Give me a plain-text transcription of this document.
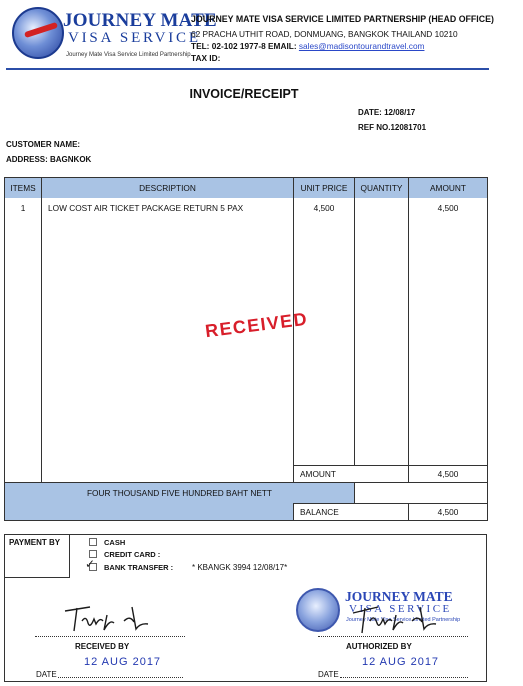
JOURNEY MATE
VISA SERVICE
Journey Mate Visa Service Limited Partnership
JOURNEY MATE VISA SERVICE LIMITED PARTNERSHIP (HEAD OFFICE)
62 PRACHA UTHIT ROAD, DONMUANG, BANGKOK THAILAND 10210
TEL: 02-102 1977-8 EMAIL: sales@madisontourandtravel.com
TAX ID:
INVOICE/RECEIPT
DATE: 12/08/17
REF NO.12081701
CUSTOMER NAME:
ADDRESS: BAGNKOK
ITEMS	DESCRIPTION	UNIT PRICE	QUANTITY	AMOUNT
1	LOW COST AIR TICKET PACKAGE RETURN 5 PAX	4,500		4,500

		AMOUNT		4,500
FOUR THOUSAND FIVE HUNDRED BAHT NETT				
		BALANCE		4,500
RECEIVED
PAYMENT BY
✓
CASH
CREDIT CARD :
BANK TRANSFER : * KBANGK 3994 12/08/17*
JOURNEY MATE
VISA SERVICE
Journey Mate Visa Service Limited Partnership
RECEIVED BY	AUTHORIZED BY
12 AUG 2017	12 AUG 2017
DATE	DATE
